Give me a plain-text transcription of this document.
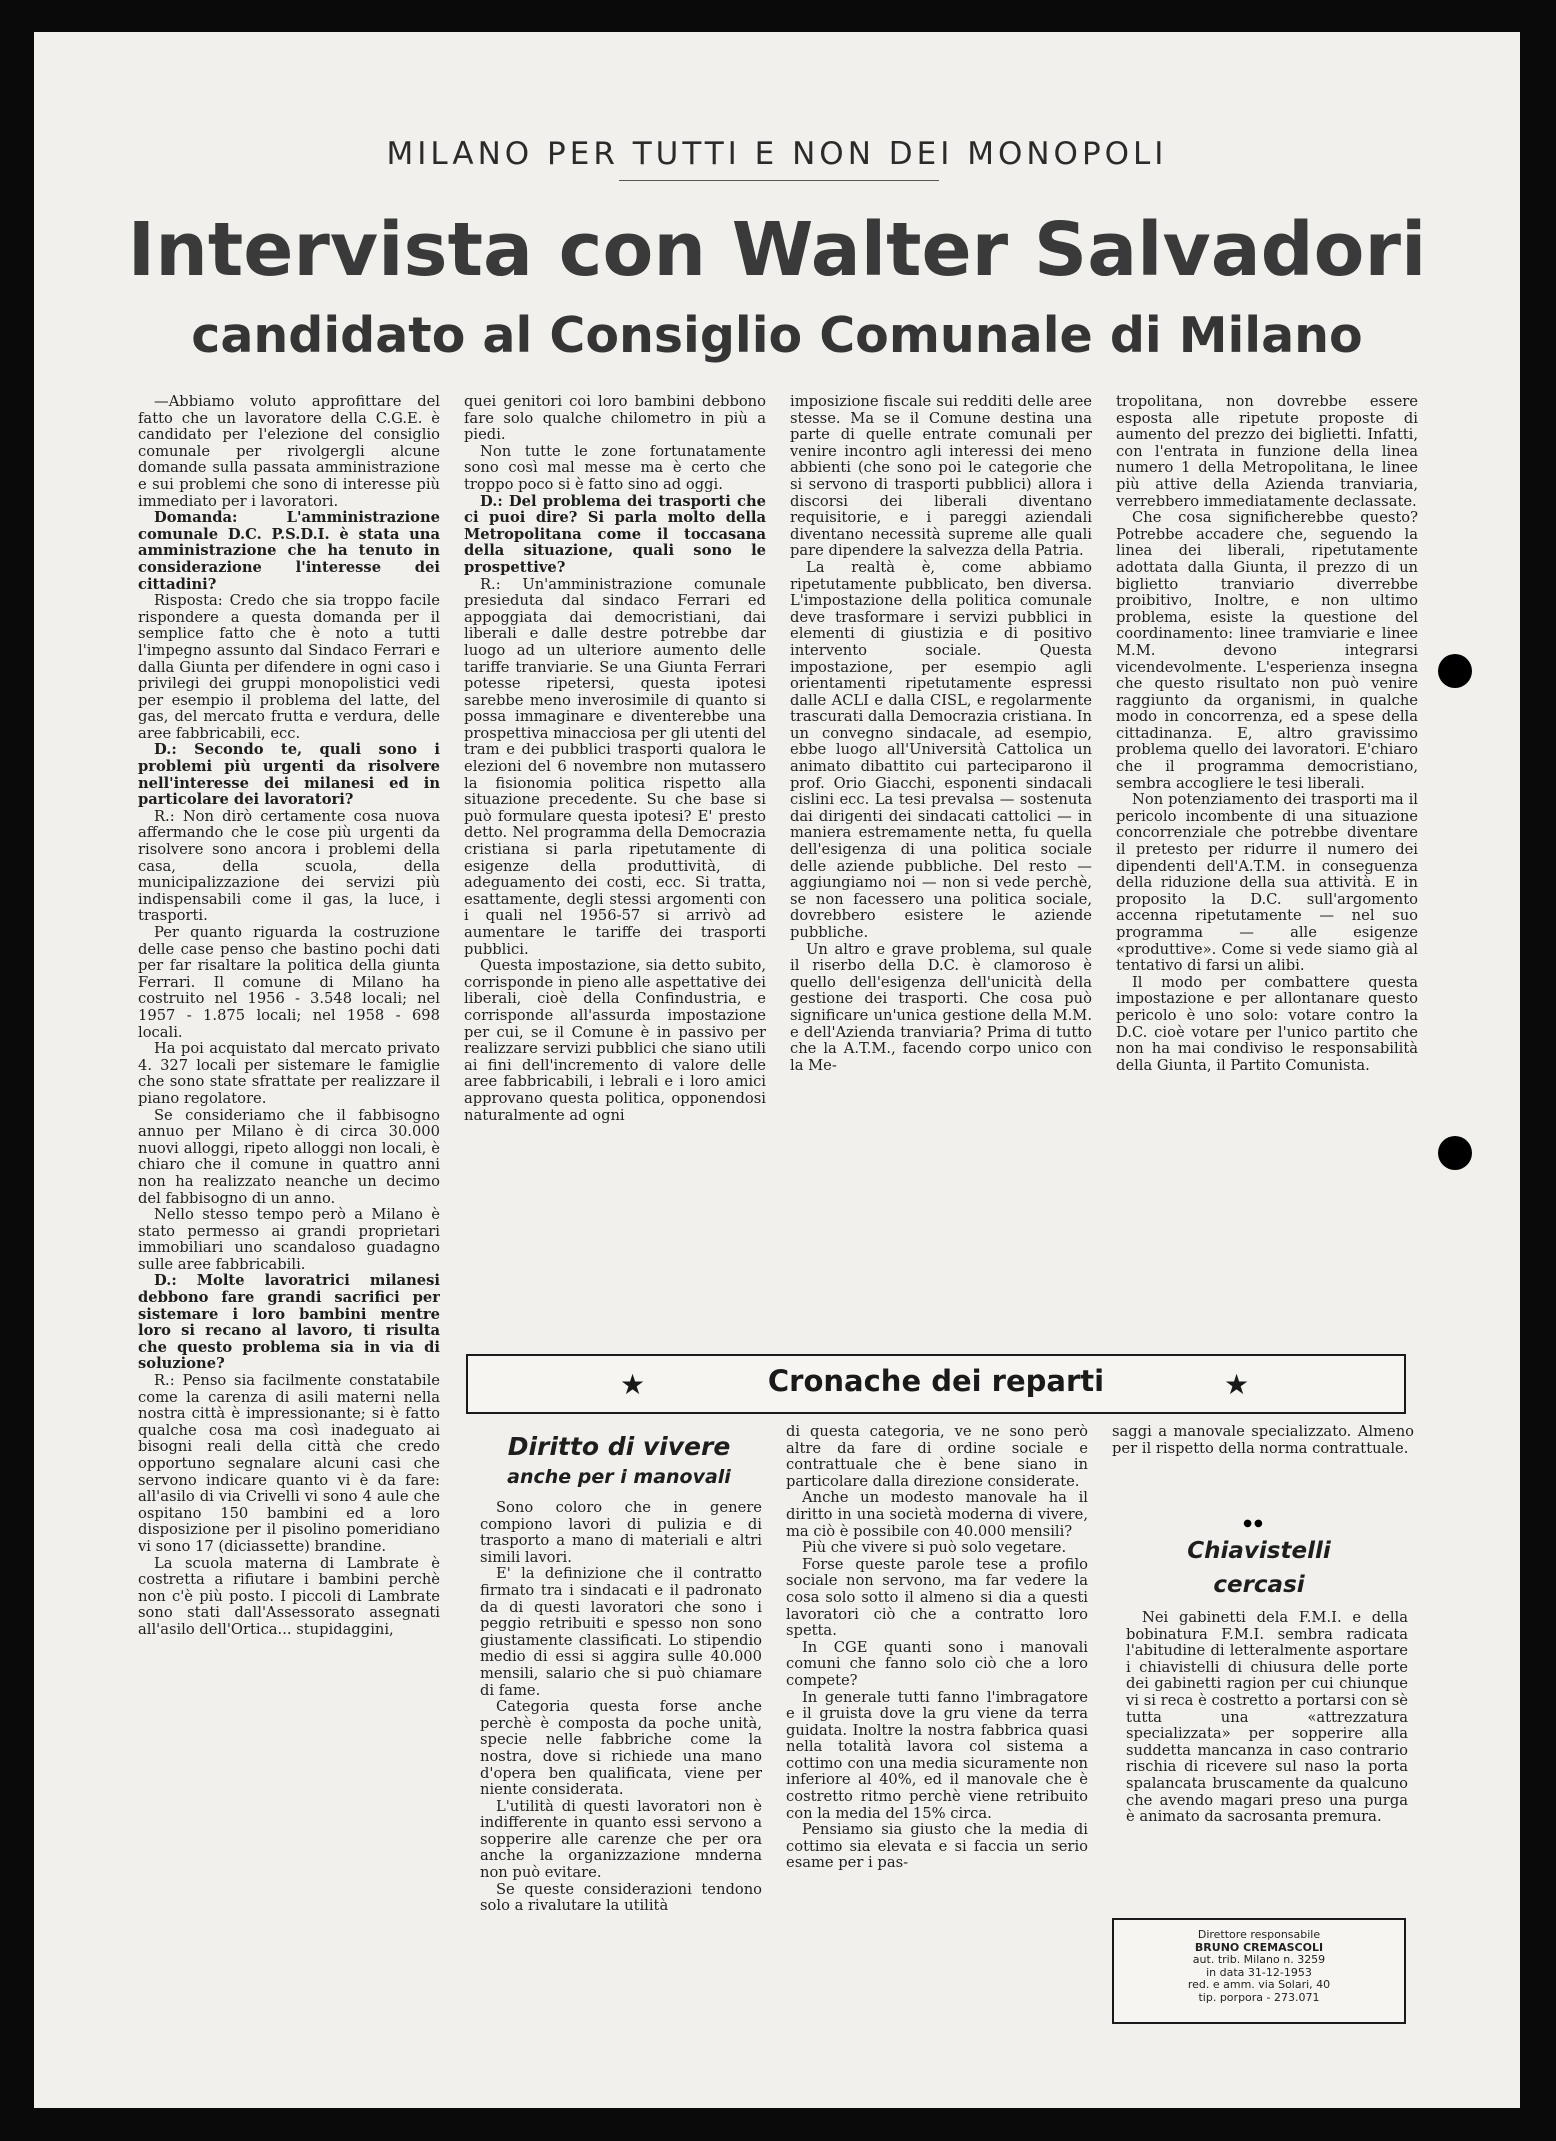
MILANO PER TUTTI E NON DEI MONOPOLI
Intervista con Walter Salvadori
candidato al Consiglio Comunale di Milano

—Abbiamo voluto approfittare del fatto che un lavoratore della C.G.E. è candidato per l'elezione del consiglio comunale per rivolgergli alcune domande sulla passata amministrazione e sui problemi che sono di interesse più immediato per i lavoratori.

Domanda: L'amministrazione comunale D.C. P.S.D.I. è stata una amministrazione che ha tenuto in considerazione l'interesse dei cittadini?

Risposta: Credo che sia troppo facile rispondere a questa domanda per il semplice fatto che è noto a tutti l'impegno assunto dal Sindaco Ferrari e dalla Giunta per difendere in ogni caso i privilegi dei gruppi monopolistici vedi per esempio il problema del latte, del gas, del mercato frutta e verdura, delle aree fabbricabili, ecc.

D.: Secondo te, quali sono i problemi più urgenti da risolvere nell'interesse dei milanesi ed in particolare dei lavoratori?

R.: Non dirò certamente cosa nuova affermando che le cose più urgenti da risolvere sono ancora i problemi della casa, della scuola, della municipalizzazione dei servizi più indispensabili come il gas, la luce, i trasporti.

Per quanto riguarda la costruzione delle case penso che bastino pochi dati per far risaltare la politica della giunta Ferrari. Il comune di Milano ha costruito nel 1956 - 3.548 locali; nel 1957 - 1.875 locali; nel 1958 - 698 locali.

Ha poi acquistato dal mercato privato 4. 327 locali per sistemare le famiglie che sono state sfrattate per realizzare il piano regolatore.

Se consideriamo che il fabbisogno annuo per Milano è di circa 30.000 nuovi alloggi, ripeto alloggi non locali, è chiaro che il comune in quattro anni non ha realizzato neanche un decimo del fabbisogno di un anno.

Nello stesso tempo però a Milano è stato permesso ai grandi proprietari immobiliari uno scandaloso guadagno sulle aree fabbricabili.

D.: Molte lavoratrici milanesi debbono fare grandi sacrifici per sistemare i loro bambini mentre loro si recano al lavoro, ti risulta che questo problema sia in via di soluzione?

R.: Penso sia facilmente constatabile come la carenza di asili materni nella nostra città è impressionante; si è fatto qualche cosa ma così inadeguato ai bisogni reali della città che credo opportuno segnalare alcuni casi che servono indicare quanto vi è da fare: all'asilo di via Crivelli vi sono 4 aule che ospitano 150 bambini ed a loro disposizione per il pisolino pomeridiano vi sono 17 (diciassette) brandine.

La scuola materna di Lambrate è costretta a rifiutare i bambini perchè non c'è più posto. I piccoli di Lambrate sono stati dall'Assessorato assegnati all'asilo dell'Ortica... stupidaggini,

quei genitori coi loro bambini debbono fare solo qualche chilometro in più a piedi.

Non tutte le zone fortunatamente sono così mal messe ma è certo che troppo poco si è fatto sino ad oggi.

D.: Del problema dei trasporti che ci puoi dire? Si parla molto della Metropolitana come il toccasana della situazione, quali sono le prospettive?

R.: Un'amministrazione comunale presieduta dal sindaco Ferrari ed appoggiata dai democristiani, dai liberali e dalle destre potrebbe dar luogo ad un ulteriore aumento delle tariffe tranviarie. Se una Giunta Ferrari potesse ripetersi, questa ipotesi sarebbe meno inverosimile di quanto si possa immaginare e diventerebbe una prospettiva minacciosa per gli utenti del tram e dei pubblici trasporti qualora le elezioni del 6 novembre non mutassero la fisionomia politica rispetto alla situazione precedente. Su che base si può formulare questa ipotesi? E' presto detto. Nel programma della Democrazia cristiana si parla ripetutamente di esigenze della produttività, di adeguamento dei costi, ecc. Si tratta, esattamente, degli stessi argomenti con i quali nel 1956-57 si arrivò ad aumentare le tariffe dei trasporti pubblici.

Questa impostazione, sia detto subito, corrisponde in pieno alle aspettative dei liberali, cioè della Confindustria, e corrisponde all'assurda impostazione per cui, se il Comune è in passivo per realizzare servizi pubblici che siano utili ai fini dell'incremento di valore delle aree fabbricabili, i lebrali e i loro amici approvano questa politica, opponendosi naturalmente ad ogni

imposizione fiscale sui redditi delle aree stesse. Ma se il Comune destina una parte di quelle entrate comunali per venire incontro agli interessi dei meno abbienti (che sono poi le categorie che si servono di trasporti pubblici) allora i discorsi dei liberali diventano requisitorie, e i pareggi aziendali diventano necessità supreme alle quali pare dipendere la salvezza della Patria.

La realtà è, come abbiamo ripetutamente pubblicato, ben diversa. L'impostazione della politica comunale deve trasformare i servizi pubblici in elementi di giustizia e di positivo intervento sociale. Questa impostazione, per esempio agli orientamenti ripetutamente espressi dalle ACLI e dalla CISL, e regolarmente trascurati dalla Democrazia cristiana. In un convegno sindacale, ad esempio, ebbe luogo all'Università Cattolica un animato dibattito cui parteciparono il prof. Orio Giacchi, esponenti sindacali cislini ecc. La tesi prevalsa — sostenuta dai dirigenti dei sindacati cattolici — in maniera estremamente netta, fu quella dell'esigenza di una politica sociale delle aziende pubbliche. Del resto — aggiungiamo noi — non si vede perchè, se non facessero una politica sociale, dovrebbero esistere le aziende pubbliche.

Un altro e grave problema, sul quale il riserbo della D.C. è clamoroso è quello dell'esigenza dell'unicità della gestione dei trasporti. Che cosa può significare un'unica gestione della M.M. e dell'Azienda tranviaria? Prima di tutto che la A.T.M., facendo corpo unico con la Me-

tropolitana, non dovrebbe essere esposta alle ripetute proposte di aumento del prezzo dei biglietti. Infatti, con l'entrata in funzione della linea numero 1 della Metropolitana, le linee più attive della Azienda tranviaria, verrebbero immediatamente declassate.

Che cosa significherebbe questo? Potrebbe accadere che, seguendo la linea dei liberali, ripetutamente adottata dalla Giunta, il prezzo di un biglietto tranviario diverrebbe proibitivo, Inoltre, e non ultimo problema, esiste la questione del coordinamento: linee tramviarie e linee M.M. devono integrarsi vicendevolmente. L'esperienza insegna che questo risultato non può venire raggiunto da organismi, in qualche modo in concorrenza, ed a spese della cittadinanza. E, altro gravissimo problema quello dei lavoratori. E'chiaro che il programma democristiano, sembra accogliere le tesi liberali.

Non potenziamento dei trasporti ma il pericolo incombente di una situazione concorrenziale che potrebbe diventare il pretesto per ridurre il numero dei dipendenti dell'A.T.M. in conseguenza della riduzione della sua attività. E in proposito la D.C. sull'argomento accenna ripetutamente — nel suo programma — alle esigenze «produttive». Come si vede siamo già al tentativo di farsi un alibi.

Il modo per combattere questa impostazione e per allontanare questo pericolo è uno solo: votare contro la D.C. cioè votare per l'unico partito che non ha mai condiviso le responsabilità della Giunta, il Partito Comunista.

★	Cronache dei reparti	★
Diritto di vivere
anche per i manovali

Sono coloro che in genere compiono lavori di pulizia e di trasporto a mano di materiali e altri simili lavori.

E' la definizione che il contratto firmato tra i sindacati e il padronato da di questi lavoratori che sono i peggio retribuiti e spesso non sono giustamente classificati. Lo stipendio medio di essi si aggira sulle 40.000 mensili, salario che si può chiamare di fame.

Categoria questa forse anche perchè è composta da poche unità, specie nelle fabbriche come la nostra, dove si richiede una mano d'opera ben qualificata, viene per niente considerata.

L'utilità di questi lavoratori non è indifferente in quanto essi servono a sopperire alle carenze che per ora anche la organizzazione mnderna non può evitare.

Se queste considerazioni tendono solo a rivalutare la utilità

di questa categoria, ve ne sono però altre da fare di ordine sociale e contrattuale che è bene siano in particolare dalla direzione considerate.

Anche un modesto manovale ha il diritto in una società moderna di vivere, ma ciò è possibile con 40.000 mensili?

Più che vivere si può solo vegetare.

Forse queste parole tese a profilo sociale non servono, ma far vedere la cosa solo sotto il almeno si dia a questi lavoratori ciò che a contratto loro spetta.

In CGE quanti sono i manovali comuni che fanno solo ciò che a loro compete?

In generale tutti fanno l'imbragatore e il gruista dove la gru viene da terra guidata. Inoltre la nostra fabbrica quasi nella totalità lavora col sistema a cottimo con una media sicuramente non inferiore al 40%, ed il manovale che è costretto ritmo perchè viene retribuito con la media del 15% circa.

Pensiamo sia giusto che la media di cottimo sia elevata e si faccia un serio esame per i pas-

saggi a manovale specializzato. Almeno per il rispetto della norma contrattuale.

●●
Chiavistelli
cercasi

Nei gabinetti dela F.M.I. e della bobinatura F.M.I. sembra radicata l'abitudine di letteralmente asportare i chiavistelli di chiusura delle porte dei gabinetti ragion per cui chiunque vi si reca è costretto a portarsi con sè tutta una «attrezzatura specializzata» per sopperire alla suddetta mancanza in caso contrario rischia di ricevere sul naso la porta spalancata bruscamente da qualcuno che avendo magari preso una purga è animato da sacrosanta premura.

Direttore responsabile
BRUNO CREMASCOLI
aut. trib. Milano n. 3259
in data 31-12-1953
red. e amm. via Solari, 40
tip. porpora - 273.071
